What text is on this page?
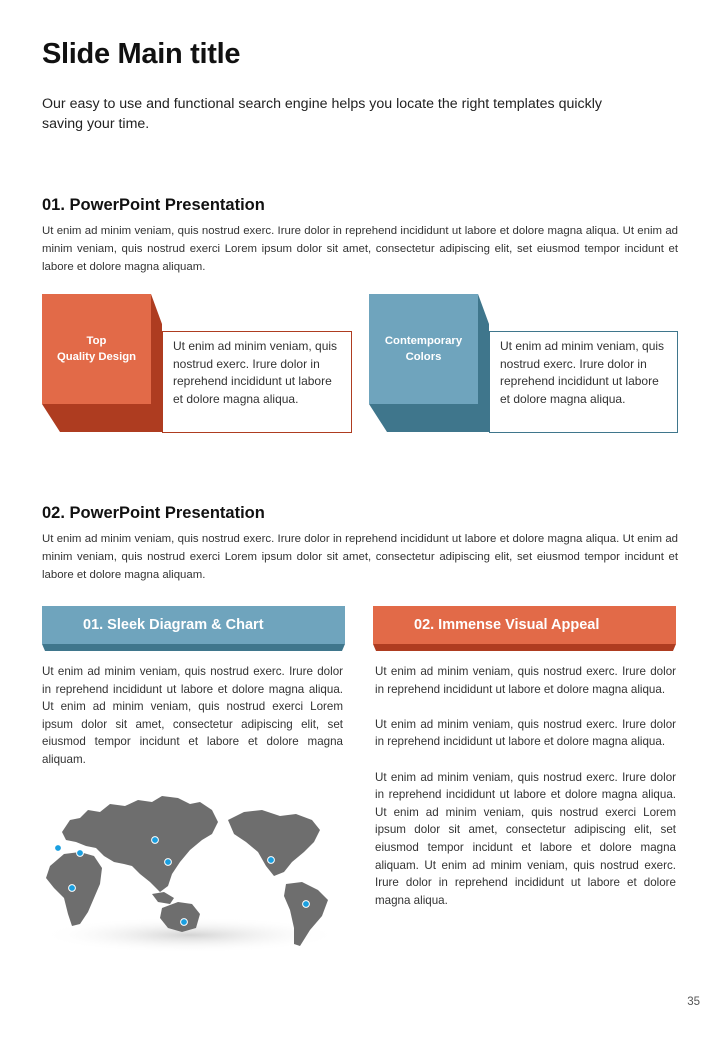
Slide Main title
Our easy to use and functional search engine helps you locate the right templates quickly saving your time.
01. PowerPoint Presentation
Ut enim ad minim veniam, quis nostrud exerc. Irure dolor in reprehend incididunt ut labore et dolore magna aliqua. Ut enim ad minim veniam, quis nostrud exerci Lorem ipsum dolor sit amet, consectetur adipiscing elit, set eiusmod tempor incidunt et labore et dolore magna aliquam.
Top
Quality Design
Ut enim ad minim veniam, quis nostrud exerc. Irure dolor in reprehend incididunt ut labore et dolore magna aliqua.
Contemporary
Colors
Ut enim ad minim veniam, quis nostrud exerc. Irure dolor in reprehend incididunt ut labore et dolore magna aliqua.
02. PowerPoint Presentation
Ut enim ad minim veniam, quis nostrud exerc. Irure dolor in reprehend incididunt ut labore et dolore magna aliqua. Ut enim ad minim veniam, quis nostrud exerci Lorem ipsum dolor sit amet, consectetur adipiscing elit, set eiusmod tempor incidunt et labore et dolore magna aliquam.
01. Sleek Diagram & Chart
Ut enim ad minim veniam, quis nostrud exerc. Irure dolor in reprehend incididunt ut labore et dolore magna aliqua. Ut enim ad minim veniam, quis nostrud exerci Lorem ipsum dolor sit amet, consectetur adipiscing elit, set eiusmod tempor incidunt et labore et dolore magna aliquam.
02. Immense Visual Appeal

Ut enim ad minim veniam, quis nostrud exerc. Irure dolor in reprehend incididunt ut labore et dolore magna aliqua.

Ut enim ad minim veniam, quis nostrud exerc. Irure dolor in reprehend incididunt ut labore et dolore magna aliqua.

Ut enim ad minim veniam, quis nostrud exerc. Irure dolor in reprehend incididunt ut labore et dolore magna aliqua. Ut enim ad minim veniam, quis nostrud exerci Lorem ipsum dolor sit amet, consectetur adipiscing elit, set eiusmod tempor incidunt et labore et dolore magna aliquam. Ut enim ad minim veniam, quis nostrud exerc. Irure dolor in reprehend incididunt ut labore et dolore magna aliqua.

35
